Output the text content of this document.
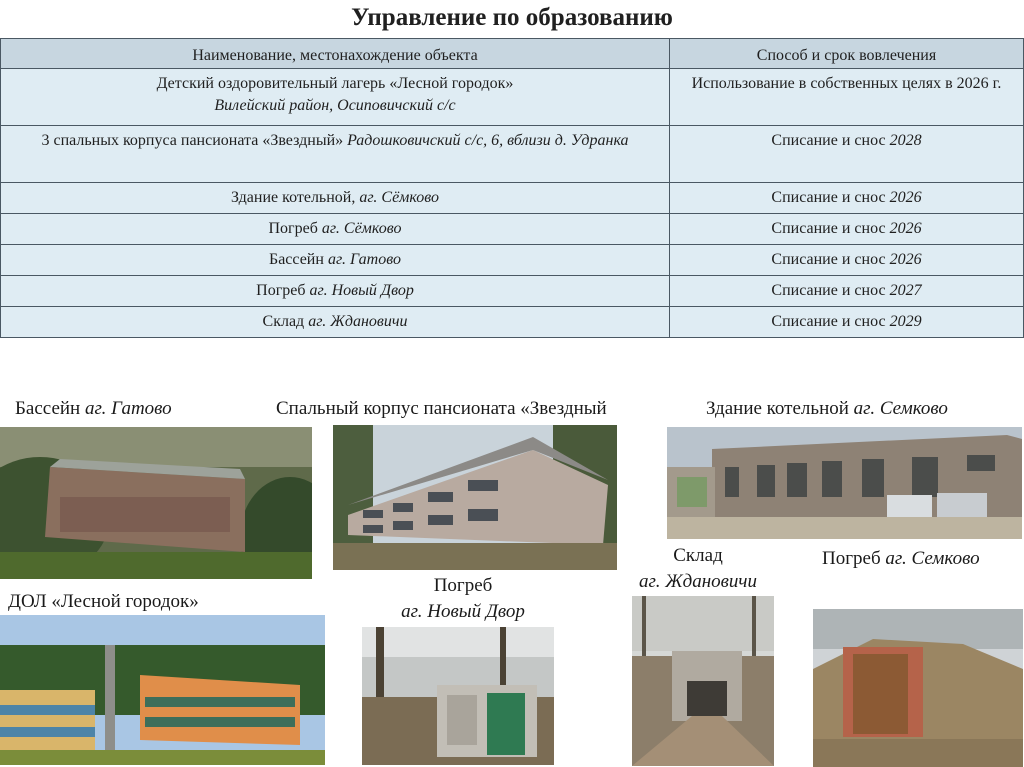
Управление по образованию
Наименование, местонахождение объекта	Способ и срок вовлечения
Детский оздоровительный лагерь «Лесной городок»
Вилейский район, Осиповичский с/с	Использование в собственных целях в 2026 г.
3 спальных корпуса пансионата «Звездный» Радошковичский с/с, 6, вблизи д. Удранка	Списание и снос 2028
Здание котельной, аг. Сёмково	Списание и снос 2026
Погреб аг. Сёмково	Списание и снос 2026
Бассейн аг. Гатово	Списание и снос 2026
Погреб аг. Новый Двор	Списание и снос 2027
Склад аг. Ждановичи	Списание и снос 2029
Бассейн аг. Гатово	Спальный корпус пансионата «Звездный	Здание котельной аг. Семково
Склад
аг. Ждановичи
Погреб аг. Семково
ДОЛ «Лесной городок»
Погреб
аг. Новый Двор
